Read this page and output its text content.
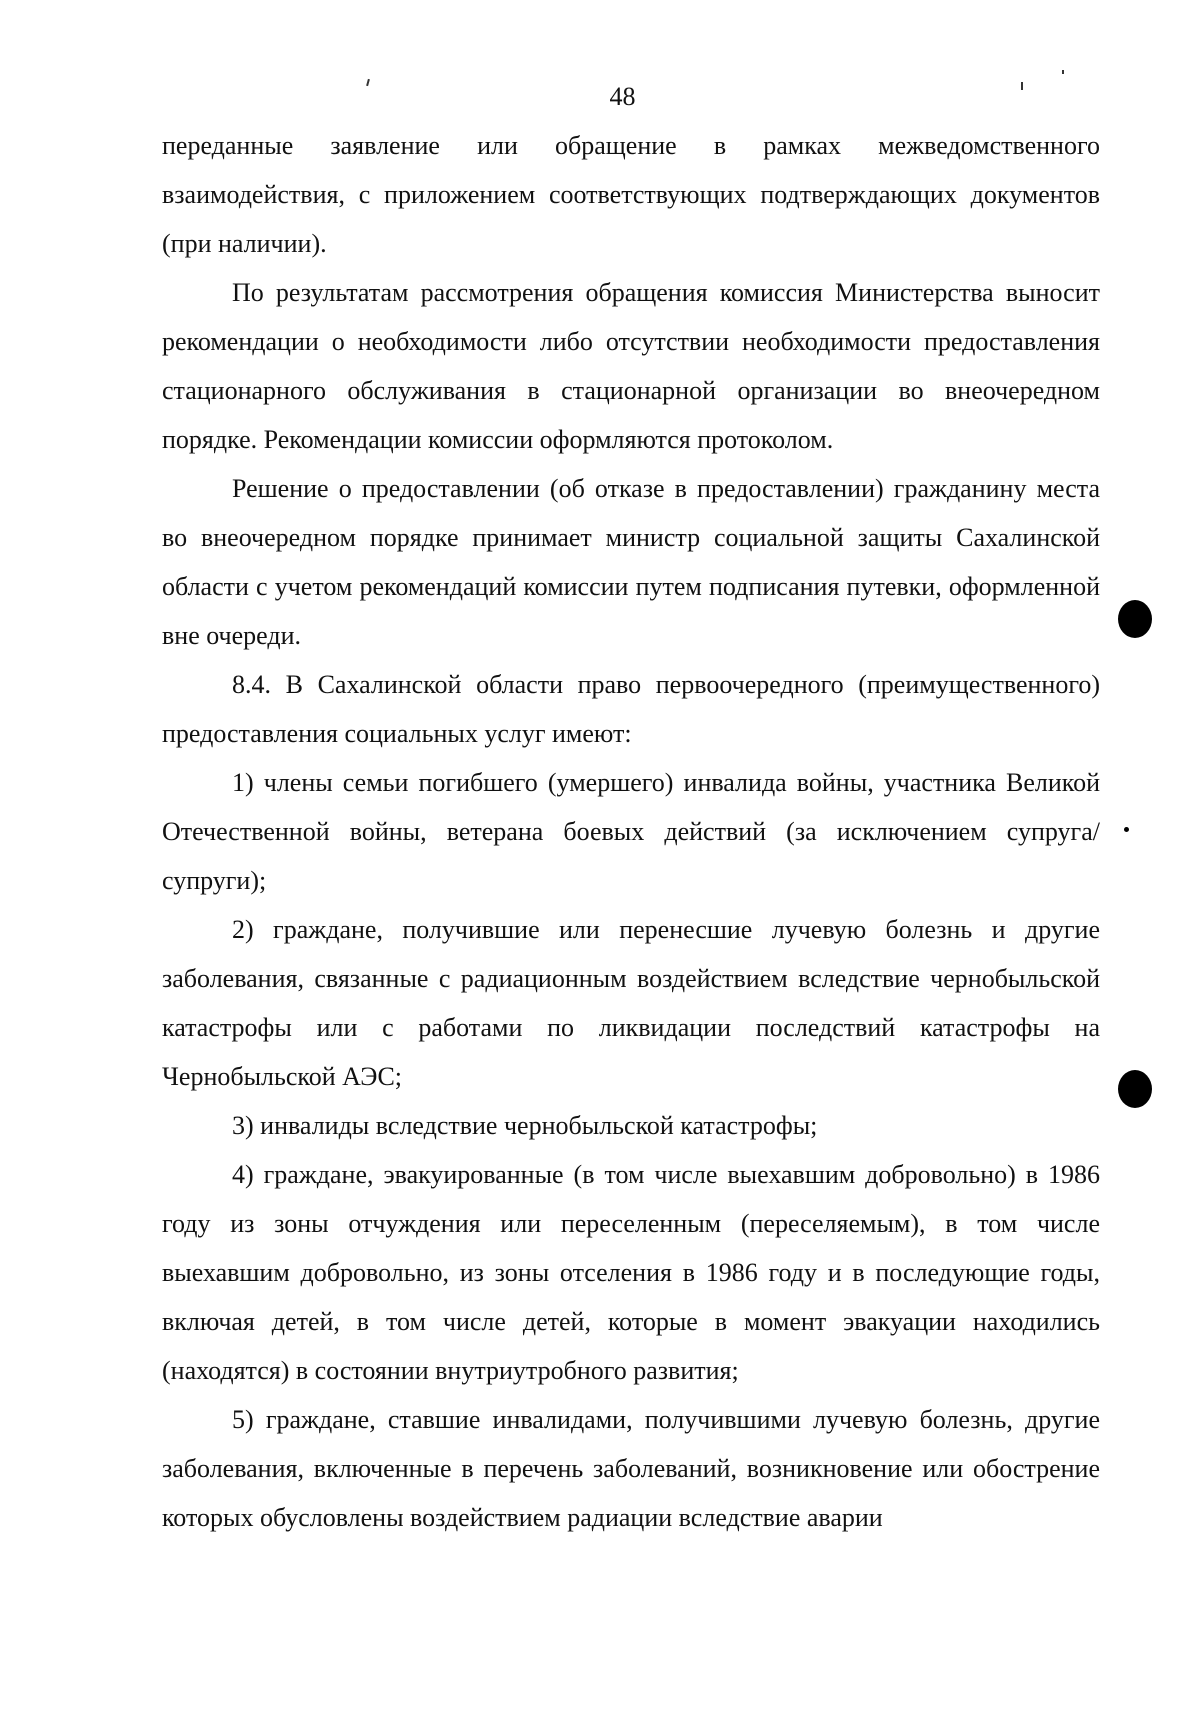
48

переданные заявление или обращение в рамках межведомственного взаимодействия, с приложением соответствующих подтверждающих документов (при наличии).

По результатам рассмотрения обращения комиссия Министерства выносит рекомендации о необходимости либо отсутствии необходимости предоставления стационарного обслуживания в стационарной организации во внеочередном порядке. Рекомендации комиссии оформляются протоколом.

Решение о предоставлении (об отказе в предоставлении) гражданину места во внеочередном порядке принимает министр социальной защиты Сахалинской области с учетом рекомендаций комиссии путем подписания путевки, оформленной вне очереди.

8.4. В Сахалинской области право первоочередного (преимущественного) предоставления социальных услуг имеют:

1) члены семьи погибшего (умершего) инвалида войны, участника Великой Отечественной войны, ветерана боевых действий (за исключением супруга/супруги);

2) граждане, получившие или перенесшие лучевую болезнь и другие заболевания, связанные с радиационным воздействием вследствие чернобыльской катастрофы или с работами по ликвидации последствий катастрофы на Чернобыльской АЭС;

3) инвалиды вследствие чернобыльской катастрофы;

4) граждане, эвакуированные (в том числе выехавшим добровольно) в 1986 году из зоны отчуждения или переселенным (переселяемым), в том числе выехавшим добровольно, из зоны отселения в 1986 году и в последующие годы, включая детей, в том числе детей, которые в момент эвакуации находились (находятся) в состоянии внутриутробного развития;

5) граждане, ставшие инвалидами, получившими лучевую болезнь, другие заболевания, включенные в перечень заболеваний, возникновение или обострение которых обусловлены воздействием радиации вследствие аварии
